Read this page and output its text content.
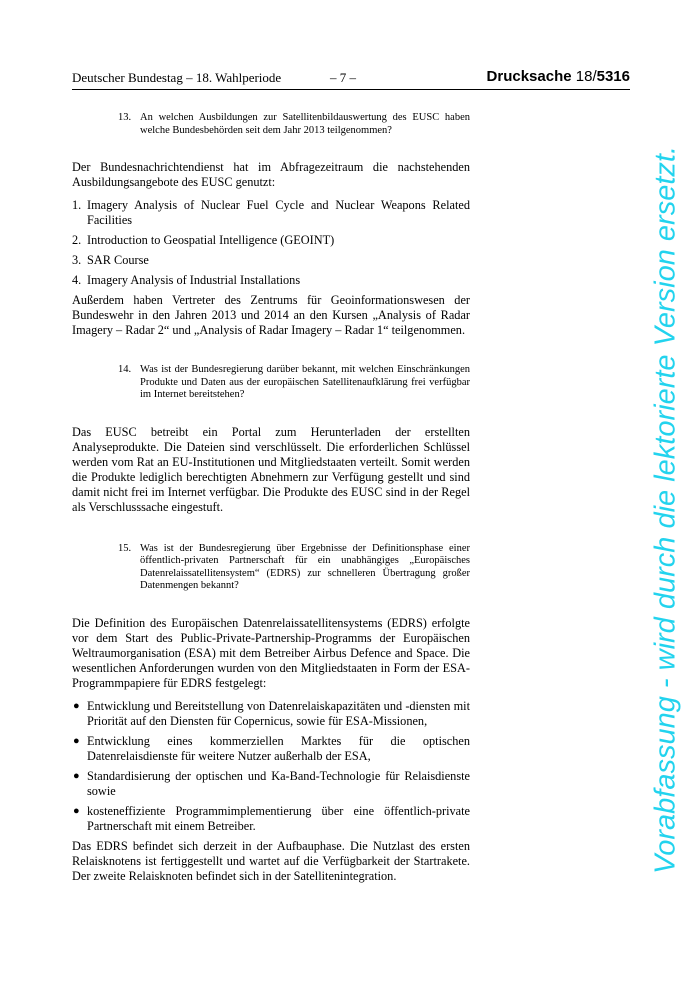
Deutscher Bundestag – 18. Wahlperiode	– 7 –	Drucksache 18/5316
13. An welchen Ausbildungen zur Satellitenbildauswertung des EUSC haben welche Bundesbehörden seit dem Jahr 2013 teilgenommen?

Der Bundesnachrichtendienst hat im Abfragezeitraum die nachstehenden Ausbildungsangebote des EUSC genutzt:

1. Imagery Analysis of Nuclear Fuel Cycle and Nuclear Weapons Related Facilities
2. Introduction to Geospatial Intelligence (GEOINT)
3. SAR Course
4. Imagery Analysis of Industrial Installations

Außerdem haben Vertreter des Zentrums für Geoinformationswesen der Bundeswehr in den Jahren 2013 und 2014 an den Kursen „Analysis of Radar Imagery – Radar 2“ und „Analysis of Radar Imagery – Radar 1“ teilgenommen.

14. Was ist der Bundesregierung darüber bekannt, mit welchen Einschränkungen Produkte und Daten aus der europäischen Satellitenaufklärung frei verfügbar im Internet bereitstehen?

Das EUSC betreibt ein Portal zum Herunterladen der erstellten Analyseprodukte. Die Dateien sind verschlüsselt. Die erforderlichen Schlüssel werden vom Rat an EU-Institutionen und Mitgliedstaaten verteilt. Somit werden die Produkte lediglich berechtigten Abnehmern zur Verfügung gestellt und sind damit nicht frei im Internet verfügbar. Die Produkte des EUSC sind in der Regel als Verschlusssache eingestuft.

15. Was ist der Bundesregierung über Ergebnisse der Definitionsphase einer öffentlich-privaten Partnerschaft für ein unabhängiges „Europäisches Datenrelaissatellitensystem“ (EDRS) zur schnelleren Übertragung großer Datenmengen bekannt?

Die Definition des Europäischen Datenrelaissatellitensystems (EDRS) erfolgte vor dem Start des Public-Private-Partnership-Programms der Europäischen Weltraumorganisation (ESA) mit dem Betreiber Airbus Defence and Space. Die wesentlichen Anforderungen wurden von den Mitgliedstaaten in Form der ESA-Programmpapiere für EDRS festgelegt:

● Entwicklung und Bereitstellung von Datenrelaiskapazitäten und -diensten mit Priorität auf den Diensten für Copernicus, sowie für ESA-Missionen,
● Entwicklung eines kommerziellen Marktes für die optischen Datenrelaisdienste für weitere Nutzer außerhalb der ESA,
● Standardisierung der optischen und Ka-Band-Technologie für Relaisdienste sowie
● kosteneffiziente Programmimplementierung über eine öffentlich-private Partnerschaft mit einem Betreiber.

Das EDRS befindet sich derzeit in der Aufbauphase. Die Nutzlast des ersten Relaisknotens ist fertiggestellt und wartet auf die Verfügbarkeit der Startrakete. Der zweite Relaisknoten befindet sich in der Satellitenintegration.

Vorabfassung - wird durch die lektorierte Version ersetzt.
